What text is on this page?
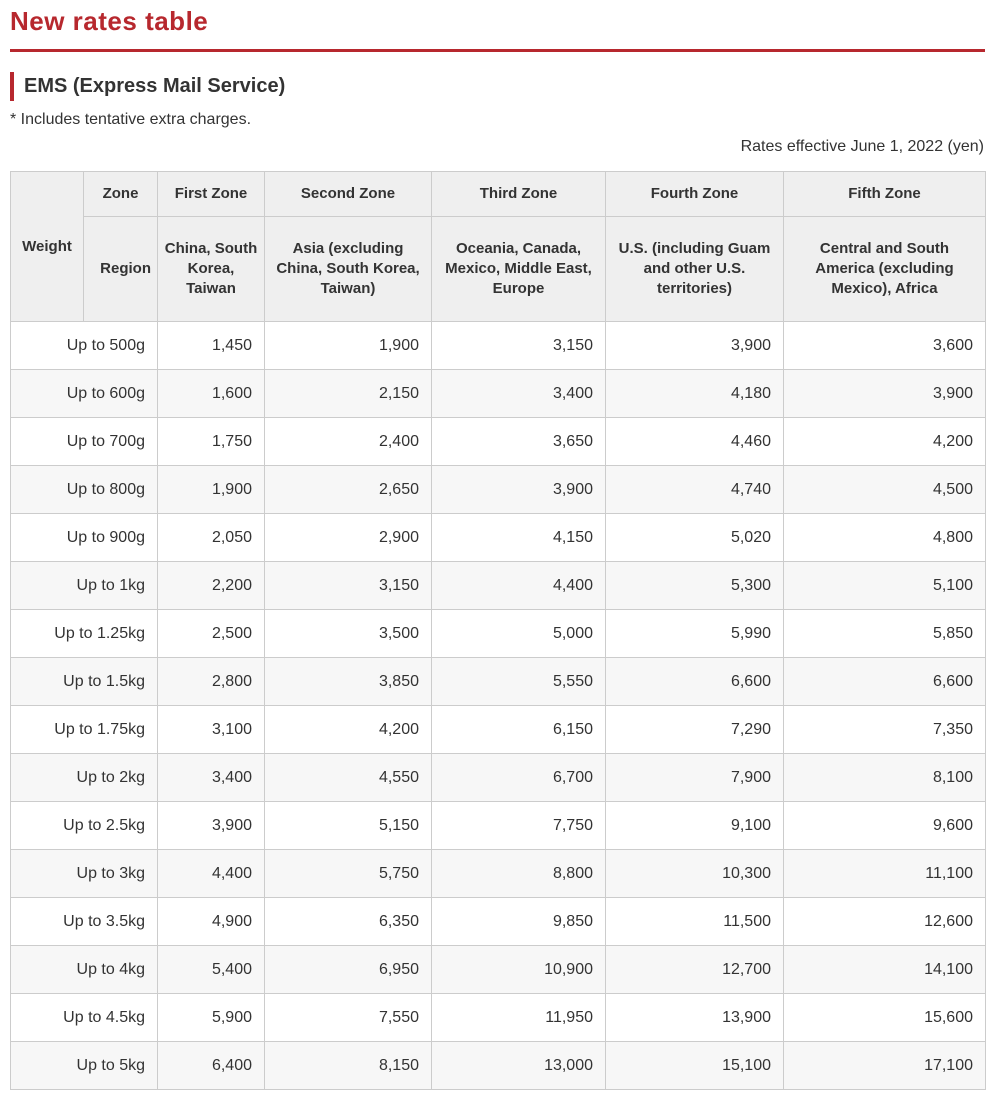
New rates table
EMS (Express Mail Service)
* Includes tentative extra charges.
Rates effective June 1, 2022 (yen)
Weight	Zone	First Zone	Second Zone	Third Zone	Fourth Zone	Fifth Zone
	Region	China, South Korea, Taiwan	Asia (excluding China, South Korea, Taiwan)	Oceania, Canada, Mexico, Middle East, Europe	U.S. (including Guam and other U.S. territories)	Central and South America (excluding Mexico), Africa
Up to 500g		1,450	1,900	3,150	3,900	3,600
Up to 600g		1,600	2,150	3,400	4,180	3,900
Up to 700g		1,750	2,400	3,650	4,460	4,200
Up to 800g		1,900	2,650	3,900	4,740	4,500
Up to 900g		2,050	2,900	4,150	5,020	4,800
Up to 1kg		2,200	3,150	4,400	5,300	5,100
Up to 1.25kg		2,500	3,500	5,000	5,990	5,850
Up to 1.5kg		2,800	3,850	5,550	6,600	6,600
Up to 1.75kg		3,100	4,200	6,150	7,290	7,350
Up to 2kg		3,400	4,550	6,700	7,900	8,100
Up to 2.5kg		3,900	5,150	7,750	9,100	9,600
Up to 3kg		4,400	5,750	8,800	10,300	11,100
Up to 3.5kg		4,900	6,350	9,850	11,500	12,600
Up to 4kg		5,400	6,950	10,900	12,700	14,100
Up to 4.5kg		5,900	7,550	11,950	13,900	15,600
Up to 5kg		6,400	8,150	13,000	15,100	17,100
